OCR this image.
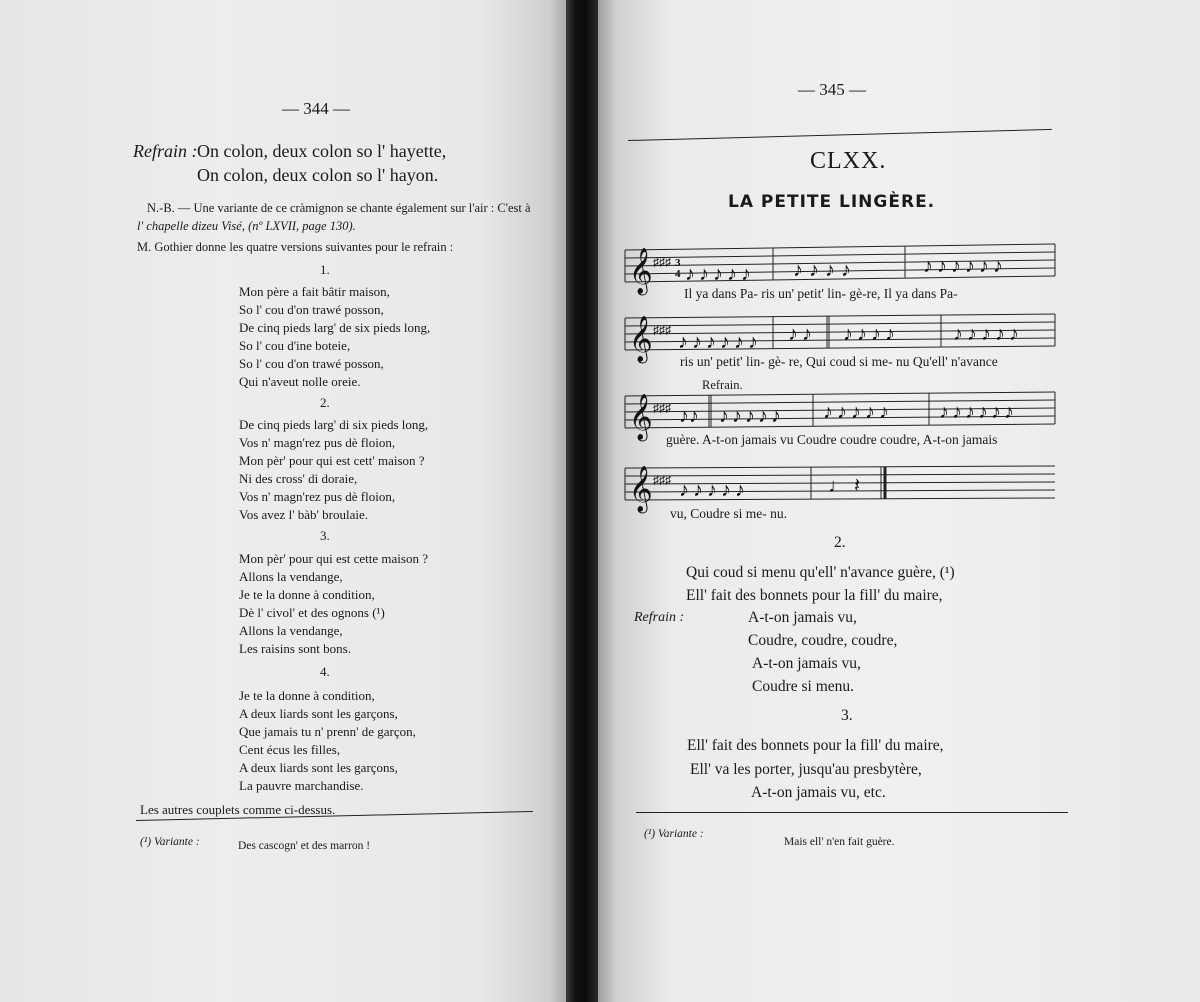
— 344 —
Refrain : On colon, deux colon so l' hayette,
On colon, deux colon so l' hayon.
N.-B. — Une variante de ce cràmignon se chante également sur l'air : C'est à
l' chapelle dizeu Visé, (nº LXVII, page 130).
M. Gothier donne les quatre versions suivantes pour le refrain :
1.
Mon père a fait bâtir maison,
So l' cou d'on trawé posson,
De cinq pieds larg' de six pieds long,
So l' cou d'ine boteie,
So l' cou d'on trawé posson,
Qui n'aveut nolle oreie.
2.
De cinq pieds larg' di six pieds long,
Vos n' magn'rez pus dè floion,
Mon pèr' pour qui est cett' maison ?
Ni des cross' di doraie,
Vos n' magn'rez pus dè floion,
Vos avez l' bàb' broulaie.
3.
Mon pèr' pour qui est cette maison ?
Allons la vendange,
Je te la donne à condition,
Dè l' civol' et des ognons (¹)
Allons la vendange,
Les raisins sont bons.
4.
Je te la donne à condition,
A deux liards sont les garçons,
Que jamais tu n' prenn' de garçon,
Cent écus les filles,
A deux liards sont les garçons,
La pauvre marchandise.
Les autres couplets comme ci-dessus.
(¹) Variante :	Des cascogn' et des marron !
— 345 —
CLXX.
LA PETITE LINGÈRE.
𝄞 ♯♯♯ 3
4 ♪♪♪♪♪ ♪♪♪♪	♪♪♪♪♪♪
Il ya dans Pa- ris un' petit' lin- gè-re, Il ya dans Pa-
𝄞 ♯♯♯
♪♪♪♪♪♪ ♪♪ ♪♪♪♪	♪♪♪♪♪
ris un' petit' lin- gè- re, Qui coud si me- nu Qu'ell' n'avance
Refrain.
𝄞 ♯♯♯ ♪♪ ♪♪♪♪♪ ♪♪♪♪♪ ♪♪♪♪♪♪
guère. A-t-on jamais vu Coudre coudre coudre, A-t-on jamais
𝄞 ♯♯♯ ♪♪♪♪♪	♩𝄽
vu, Coudre si me- nu.
2.
Qui coud si menu qu'ell' n'avance guère, (¹)
Ell' fait des bonnets pour la fill' du maire,
Refrain :	A-t-on jamais vu,
Coudre, coudre, coudre,
A-t-on jamais vu,
Coudre si menu.
3.
Ell' fait des bonnets pour la fill' du maire,
Ell' va les porter, jusqu'au presbytère,
A-t-on jamais vu, etc.
(¹) Variante :
Mais ell' n'en fait guère.
